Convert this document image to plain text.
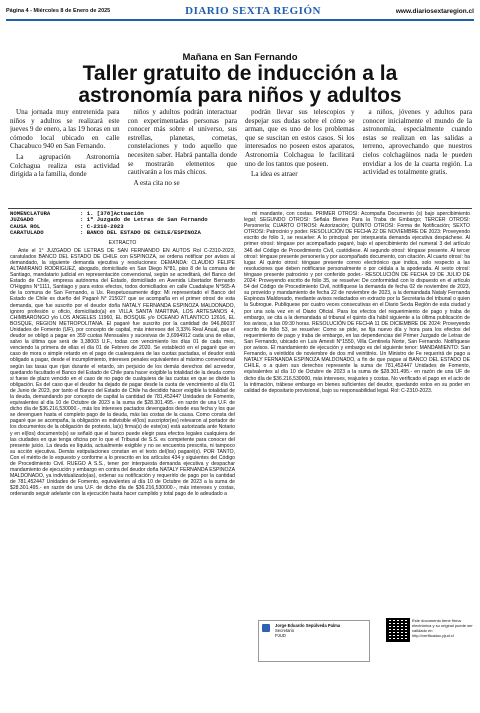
Página 4 - Miércoles 8 de Enero de 2025	DIARIO SEXTA REGIÓN	www.diariosextaregion.cl
Mañana en San Fernando
Taller gratuito de inducción a la astronomía para niños y adultos

Una jornada muy entretenida para niños y adultos se realizará este jueves 9 de enero, a las 19 horas en un cómodo local ubicado en calle Chacabuco 940 en San Fernando.

La agrupación Astronomía Colchagua realiza esta actividad dirigida a la familia, donde

niños y adultos podrán interactuar con experimentadas personas para conocer más sobre el universo, sus estrellas, planetas, cometas, constelaciones y todo aquello que necesiten saber. Habrá pantalla donde se mostrarán elementos que cautivarán a los más chicos.

A esta cita no se

podrán llevar sus telescopios y despejar sus dudas sobre el cómo se arman, que es uno de los problemas que se suscitan en estos casos. Si los interesados no poseen estos aparatos, Astronomía Colchagua le facilitará uno de los tantos que poseen.

La idea es atraer

a niños, jóvenes y adultos para conocer inicialmente el mundo de la astronomía, especialmente cuando estas se realizan en las salidas a terreno, aprovechando que nuestros cielos colchagüinos nada le pueden envidiar a los de la cuarta región. La actividad es totalmente gratis.

NOMENCLATURA	: 1. [378]Actuación
JUZGADO	: 1º Juzgado de Letras de San Fernando
CAUSA ROL	: C-2310-2023
CARATULADO	: BANCO DEL ESTADO DE CHILE/ESPINOZA
EXTRACTO

Ante el 1° JUZGADO DE LETRAS DE SAN FERNANDO EN AUTOS Rol C-2310-2023, caratulados BANCO DEL ESTADO DE CHILE con ESPINOZA, se ordena notificar por avisos al demandado, la siguiente demanda ejecutiva y resoluciones: DEMANDA: CLAUDIO FELIPE ALTAMIRANO RODRIGUEZ, abogado, domiciliado en San Diego N°81, piso 8 de la comuna de Santiago, mandatario judicial en representación convencional, según se acreditará, del Banco del Estado de Chile, empresa autónoma del Estado, domiciliado en Avenida Libertador Bernardo O'Higgins N°1111, Santiago y para estos efectos, todos domiciliados en calle Cuadalupe N°565-A de la comuna de San Fernando, a Us. Respetuosamente digo: Mi representado el Banco del Estado de Chile es dueño del Pagaré N° 215027 que se acompaña en el primer otrosí de esta demanda, que fue suscrito por el deudor doña NATALY FERNANDA ESPINOZA MALDONADO, ignoro profesión u oficio, domiciliado(a) en VILLA SANTA MARTINA, LOS ARTESANOS 4, CHIMBARONGO y/o LOS ANGELES 11960, EL BOSQUE y/o OCEANO ATLANTICO 12616, EL BOSQUE, REGION METROPOLITANA. El pagaré fue suscrito por la cantidad de 946,86037 Unidades de Fomento (UF), por concepto de capital, más intereses del 3,33% Real Anual, que el deudor se obligó a pagar en 359 cuotas Mensuales y sucesivas de 3,6994912 cada una de ellas, salvo la última que será de 3,38003 U.F., todas con vencimiento los días 01 de cada mes, venciendo la primera de ellas el día 01 de Febrero de 2020. Se estableció en el pagaré que en caso de mora o simple retardo en el pago de cualesquiera de las cuotas pactadas, el deudor está obligado a pagar, desde el incumplimiento, intereses penales equivalentes al máximo convencional según las tasas que rijan durante el retardo, sin perjuicio de los demás derechos del acreedor, quedando facultado el Banco del Estado de Chile para hacer exigible la totalidad de la deuda como si fuese de plazo vencido en el caso de no pago de cualquiera de las cuotas en que se divide la obligación. Es del caso que el deudor ha dejado de pagar desde la cuota de vencimiento al día 01 de Junio de 2023, por tanto el Banco del Estado de Chile ha decidido hacer exigible la totalidad de la deuda, demandando por concepto de capital la cantidad de 781,45244? Unidades de Fomento, equivalentes al día 10 de Octubre de 2023 a la suma de $28.301.495.- en razón de una U.F. de dicho día de $36.216,530000.-, más los intereses pactados devengados desde esa fecha y los que se devenguen hasta el completo pago de la deuda, más las costas de la causa. Como consta del pagaré que se acompaña, la obligación es indivisible el(los) suscriptor(es) relevaron al portador de los documentos de la obligación de protesto, la(s) firma(s) de este(os) está autorizada ante Notario y en el(los) documento(s) se señaló que el banco puede elegir para efectos legales cualquiera de las ciudades en que tenga oficina por lo que el Tribunal de S.S. es competente para conocer del presente juicio. La deuda es líquida, actualmente exigible y no se encuentra prescrita, ni tampoco su acción ejecutiva. Demás estipulaciones constan en el texto del(los) pagaré(s). POR TANTO, Con el mérito de lo expuesto y conforme a lo prescrito en los artículos 434 y siguientes del Código de Procedimiento Civil. RUEGO A S.S., tener por interpuesta demanda ejecutiva y despachar mandamiento de ejecución y embargo en contra del deudor doña NATALY FERNANDA ESPINOZA MALDONADO, ya individualizado(as), ordenar su notificación y requerirlo de pago por la cantidad de 781,452447 Unidades de Fomento, equivalentes al día 10 de Octubre de 2023 a la suma de $28.301.495.- en razón de una U.F. de dicho día de $36.216,530000.-, más intereses y costas, ordenando seguir adelante con la ejecución hasta hacer cumplido y total pago de lo adeudado a

mi mandante, con costas. PRIMER OTROSI: Acompaña Documento (s) bajo apercibimiento legal; SEGUNDO OTROSI: Señala Bienes Para la Traba de Embargo; TERCER OTROSI: Personería; CUARTO OTROSI: Autorización; QUINTO OTROSI: Forma de Notificación; SEXTO OTROSI: Patrocinio y poder. RESOLUCIÓN DE FECHA 22 DE NOVIEMBRE DE 2023: Proveyendo escrito de folio 1, se resuelve: A lo principal: por interpuesta demanda ejecutiva despáchese. Al primer otrosí: téngase por acompañado pagaré, bajo el apercibimiento del numeral 3 del artículo 346 del Código de Procedimiento Civil, custódiese. Al segundo otrosí: téngase presente. Al tercer otrosí: téngase presente personería y por acompañado documento, con citación. Al cuarto otrosí: ha lugar. Al quinto otrosí: téngase presente correo electrónico que indica, solo respecto a las resoluciones que deben notificarse personalmente o por cédula a la apoderada. Al sexto otrosí: téngase presente patrocinio y por conferido poder.- RESOLUCIÓN DE FECHA 19 DE JULIO DE 2024: Proveyendo escrito de folio 35, se resuelve: De conformidad con lo dispuesto en el artículo 54 del Código de Procedimiento Civil, notifíquese la demanda de fecha 02 de noviembre de 2023, su proveído y mandamiento de fecha 22 de noviembre de 2023, a la demandada Nataly Fernanda Espinoza Maldonado, mediante avisos redactados en extracto por la Secretaria del tribunal o quien la Subrogue. Publíquese por cuatro veces consecutivas en el Diario Sexta Región de esta ciudad y por una sola vez en el Diario Oficial. Para los efectos del requerimiento de pago y traba de embargo, se cita a la demandada al tribunal el quinto día hábil siguiente a la última publicación de los avisos, a las 09:30 horas. RESOLUCIÓN DE FECHA 11 DE DICIEMBRE DE 2024: Proveyendo escrito de folio 53, se resuelve: Como se pide, se fija nuevo día y hora para los efectos del requerimiento de pago y traba de embargo, en las dependencias del Primer Juzgado de Letras de San Fernando, ubicado en Luis Amesti N°1550, Villa Centinela Norte, San Fernando. Notifíquese por avisos. El mandamiento de ejecución y embargo es del siguiente tenor: MANDAMIENTO: San Fernando, a veintidós de noviembre de dos mil veintitrés. Un Ministro de Fe requerirá de pago a NATALY FERNANDA ESPINOZA MALDONADO, a fin de que pague al BANCO DEL ESTADO DE CHILE, o a quien sus derechos represente la suma de 781,452447 Unidades de Fomento, equivalentes al día 10 de Octubre de 2023 a la suma de $28.301.495.- en razón de una UF de dicho día de $36.216,530000, más intereses, reajustes y costas. No verificado el pago en el acto de la intimación, trábese embargo en bienes suficientes del deudor, quedando estos en su poder en calidad de depositario provisional, bajo su responsabilidad legal. Rol: C-2310-2023.

Jorge Eduardo Sepúlveda Palma
Secretario
PJUD
Este documento tiene firma electrónica y su original puede ser validado en http://verificadoc.pjud.cl
